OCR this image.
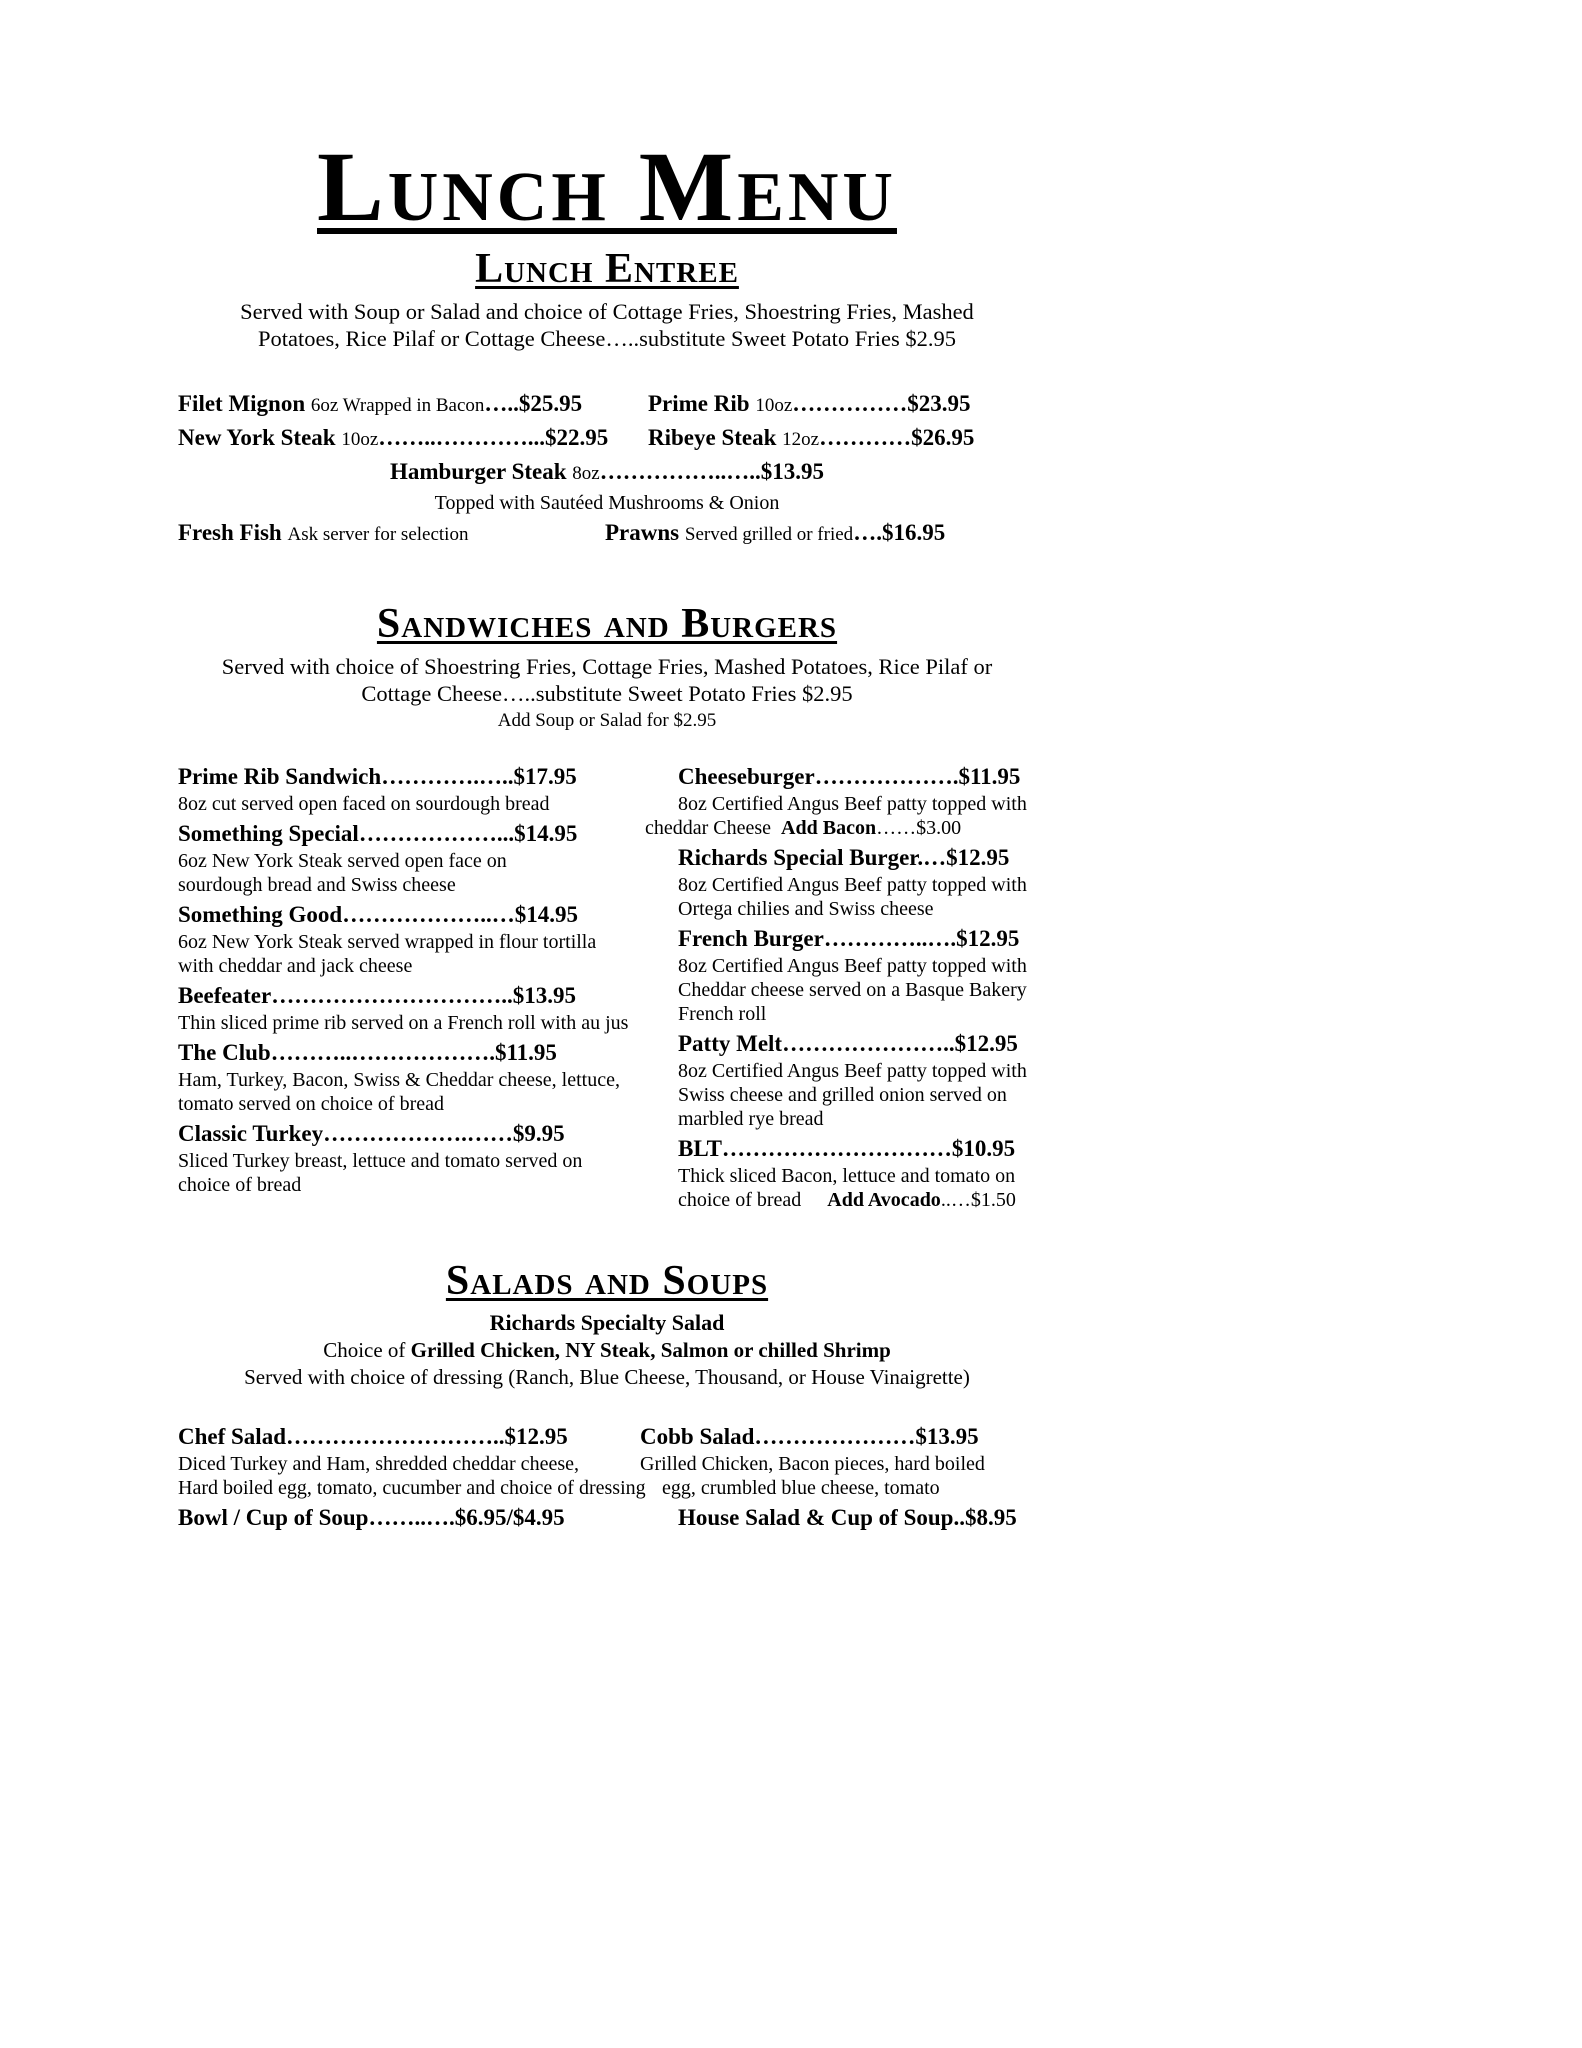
Lunch Menu
Lunch Entree

Served with Soup or Salad and choice of Cottage Fries, Shoestring Fries, Mashed
Potatoes, Rice Pilaf or Cottage Cheese…..substitute Sweet Potato Fries $2.95

Filet Mignon 6oz Wrapped in Bacon…..$25.95	Prime Rib 10oz……………$23.95
New York Steak 10oz……..…………...$22.95	Ribeye Steak 12oz…………$26.95
Hamburger Steak 8oz……………..…..$13.95
Topped with Sautéed Mushrooms & Onion
Fresh Fish Ask server for selection	Prawns Served grilled or fried….$16.95
Sandwiches and Burgers

Served with choice of Shoestring Fries, Cottage Fries, Mashed Potatoes, Rice Pilaf or
Cottage Cheese…..substitute Sweet Potato Fries $2.95

Add Soup or Salad for $2.95

Prime Rib Sandwich………….…..$17.95
8oz cut served open faced on sourdough bread
Something Special………………...$14.95
6oz New York Steak served open face on
sourdough bread and Swiss cheese
Something Good………………..…$14.95
6oz New York Steak served wrapped in flour tortilla
with cheddar and jack cheese
Beefeater…………………………..$13.95
Thin sliced prime rib served on a French roll with au jus
The Club………..……………….$11.95
Ham, Turkey, Bacon, Swiss & Cheddar cheese, lettuce,
tomato served on choice of bread
Classic Turkey……………….……$9.95
Sliced Turkey breast, lettuce and tomato served on
choice of bread
Cheeseburger……………….$11.95
8oz Certified Angus Beef patty topped with
cheddar Cheese Add Bacon……$3.00
Richards Special Burger.…$12.95
8oz Certified Angus Beef patty topped with
Ortega chilies and Swiss cheese
French Burger…………..….$12.95
8oz Certified Angus Beef patty topped with
Cheddar cheese served on a Basque Bakery
French roll
Patty Melt…………………..$12.95
8oz Certified Angus Beef patty topped with
Swiss cheese and grilled onion served on
marbled rye bread
BLT…………………………$10.95
Thick sliced Bacon, lettuce and tomato on
choice of bread Add Avocado..…$1.50
Salads and Soups

Richards Specialty Salad

Choice of Grilled Chicken, NY Steak, Salmon or chilled Shrimp

Served with choice of dressing (Ranch, Blue Cheese, Thousand, or House Vinaigrette)

Chef Salad………………………..$12.95
Diced Turkey and Ham, shredded cheddar cheese,
Hard boiled egg, tomato, cucumber and choice of dressing
Bowl / Cup of Soup……..….$6.95/$4.95
Cobb Salad…………………$13.95
Grilled Chicken, Bacon pieces, hard boiled
egg, crumbled blue cheese, tomato
House Salad & Cup of Soup..$8.95
